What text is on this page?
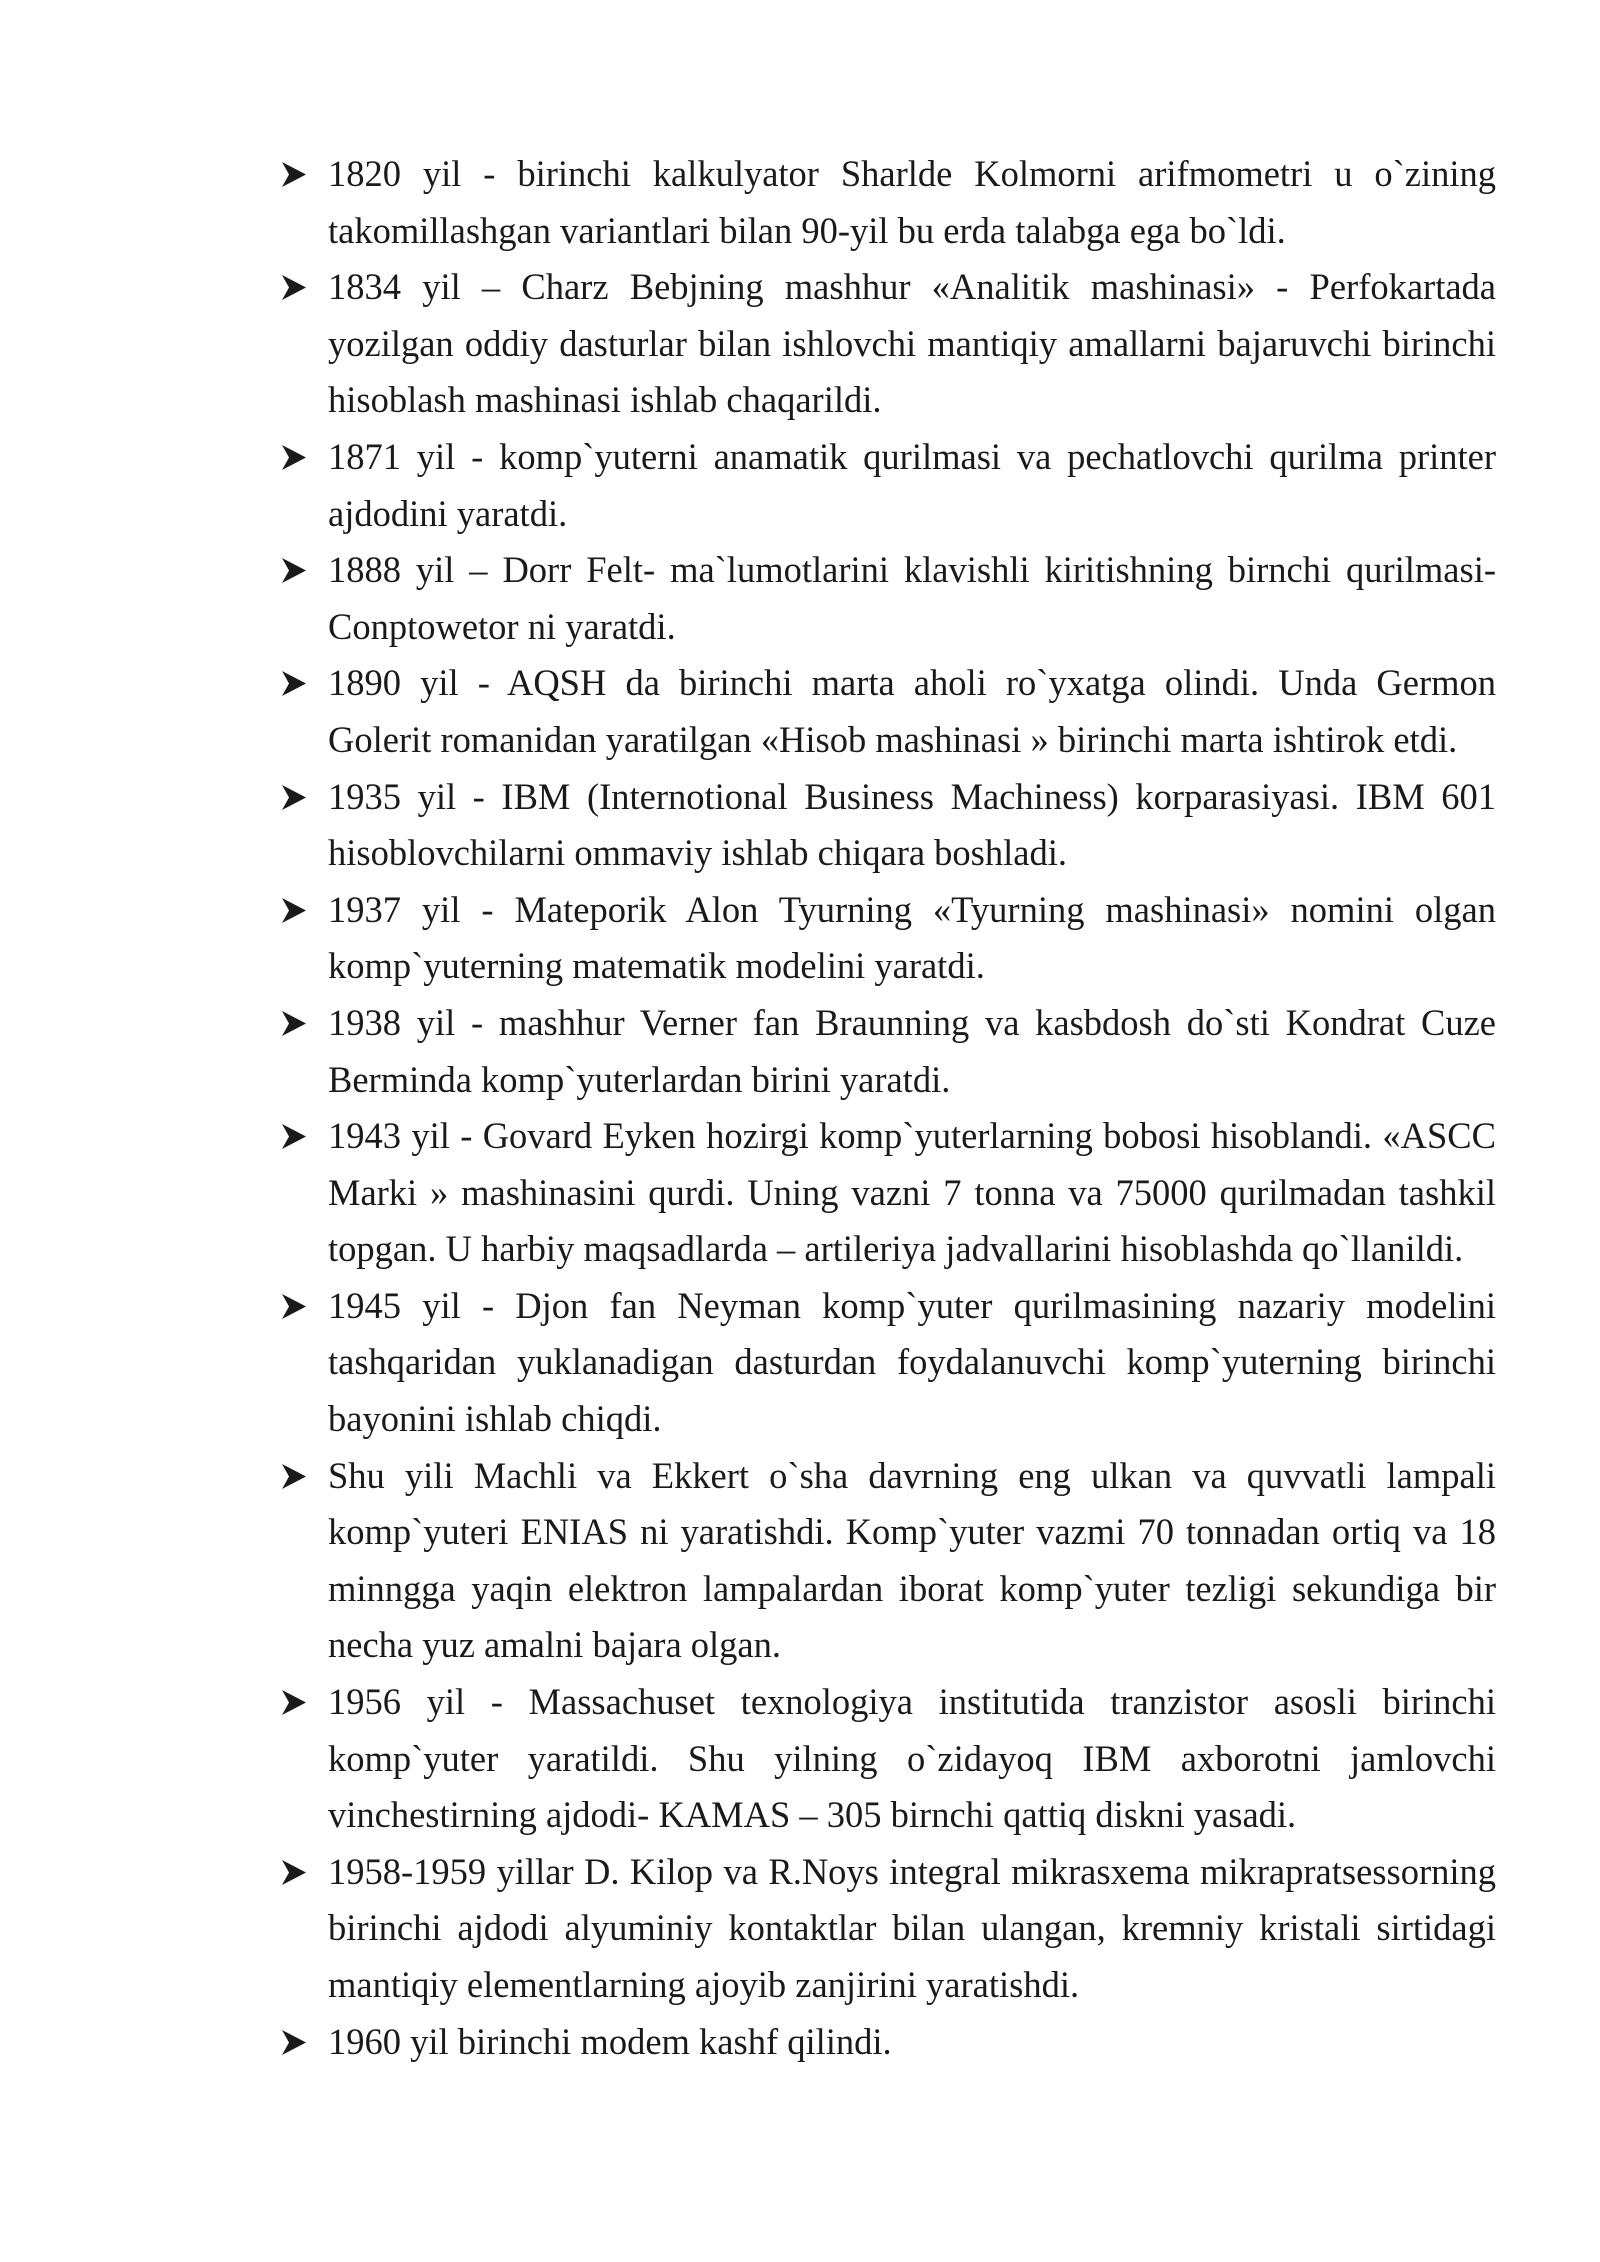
1820 yil - birinchi kalkulyator Sharlde Kolmorni arifmometri u o`zining takomillashgan variantlari bilan 90-yil bu erda talabga ega bo`ldi.
1834 yil – Charz Bebjning mashhur «Analitik mashinasi» - Perfokartada yozilgan oddiy dasturlar bilan ishlovchi mantiqiy amallarni bajaruvchi birinchi hisoblash mashinasi ishlab chaqarildi.
1871 yil - komp`yuterni anamatik qurilmasi va pechatlovchi qurilma printer ajdodini yaratdi.
1888 yil – Dorr Felt- ma`lumotlarini klavishli kiritishning birnchi qurilmasi- Conptowetor ni yaratdi.
1890 yil - AQSH da birinchi marta aholi ro`yxatga olindi. Unda Germon Golerit romanidan yaratilgan «Hisob mashinasi » birinchi marta ishtirok etdi.
1935 yil - IBM (Internotional Business Machiness) korparasiyasi. IBM 601 hisoblovchilarni ommaviy ishlab chiqara boshladi.
1937 yil - Mateporik Alon Tyurning «Tyurning mashinasi» nomini olgan komp`yuterning matematik modelini yaratdi.
1938 yil - mashhur Verner fan Braunning va kasbdosh do`sti Kondrat Cuze Berminda komp`yuterlardan birini yaratdi.
1943 yil - Govard Eyken hozirgi komp`yuterlarning bobosi hisoblandi. «ASCC Marki » mashinasini qurdi. Uning vazni 7 tonna va 75000 qurilmadan tashkil topgan. U harbiy maqsadlarda – artileriya jadvallarini hisoblashda qo`llanildi.
1945 yil - Djon fan Neyman komp`yuter qurilmasining nazariy modelini tashqaridan yuklanadigan dasturdan foydalanuvchi komp`yuterning birinchi bayonini ishlab chiqdi.
Shu yili Machli va Ekkert o`sha davrning eng ulkan va quvvatli lampali komp`yuteri ENIAS ni yaratishdi. Komp`yuter vazmi 70 tonnadan ortiq va 18 minngga yaqin elektron lampalardan iborat komp`yuter tezligi sekundiga bir necha yuz amalni bajara olgan.
1956 yil - Massachuset texnologiya institutida tranzistor asosli birinchi komp`yuter yaratildi. Shu yilning o`zidayoq IBM axborotni jamlovchi vinchestirning ajdodi- KAMAS – 305 birnchi qattiq diskni yasadi.
1958-1959 yillar D. Kilop va R.Noys integral mikrasxema mikrapratsessorning birinchi ajdodi alyuminiy kontaktlar bilan ulangan, kremniy kristali sirtidagi mantiqiy elementlarning ajoyib zanjirini yaratishdi.
1960 yil birinchi modem kashf qilindi.
